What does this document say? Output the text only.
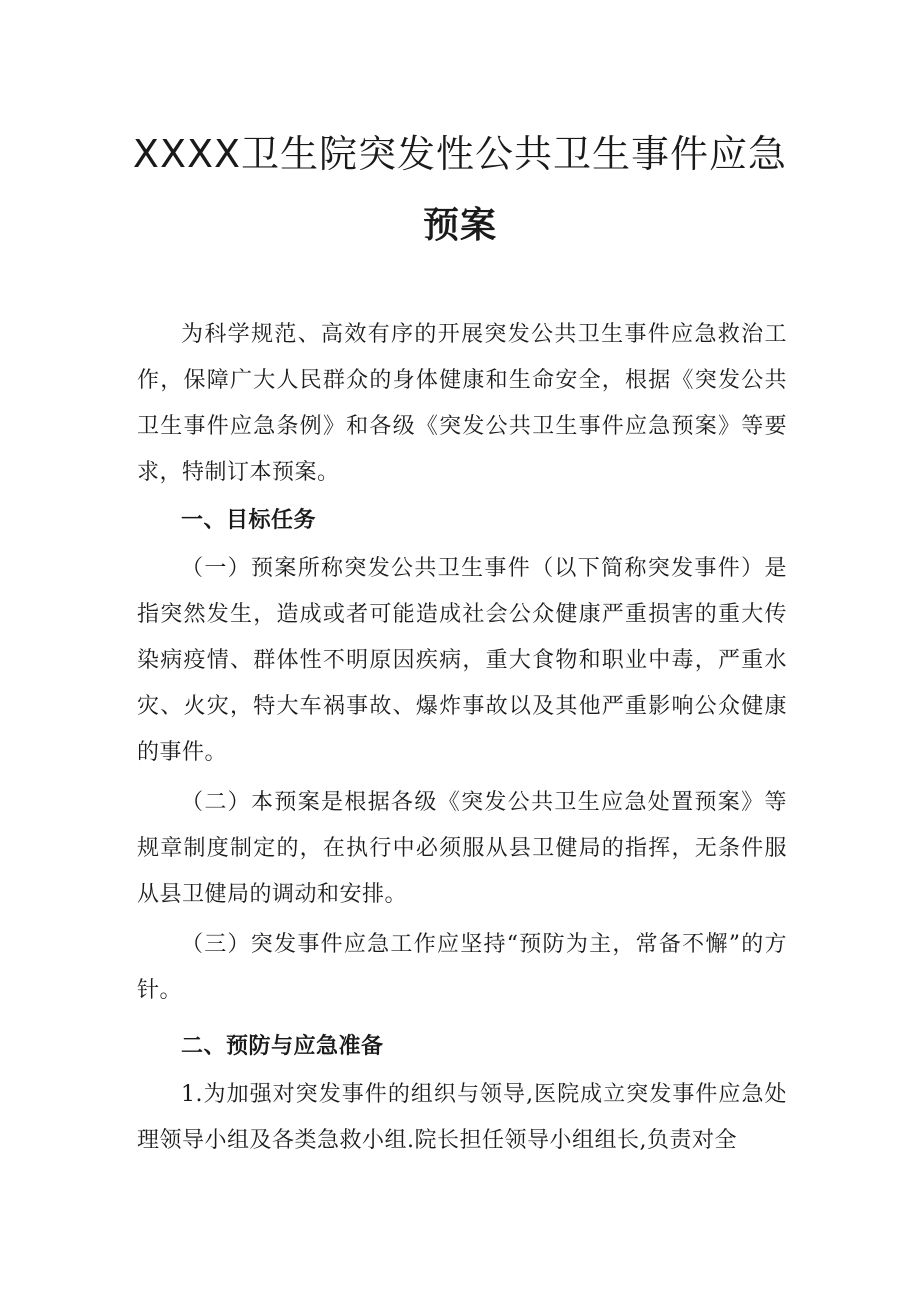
XXXX卫生院突发性公共卫生事件应急
预案

为科学规范、高效有序的开展突发公共卫生事件应急救治工作，保障广大人民群众的身体健康和生命安全，根据《突发公共卫生事件应急条例》和各级《突发公共卫生事件应急预案》等要求，特制订本预案。

一、目标任务

（一）预案所称突发公共卫生事件（以下简称突发事件）是指突然发生，造成或者可能造成社会公众健康严重损害的重大传染病疫情、群体性不明原因疾病，重大食物和职业中毒，严重水灾、火灾，特大车祸事故、爆炸事故以及其他严重影响公众健康的事件。

（二）本预案是根据各级《突发公共卫生应急处置预案》等规章制度制定的，在执行中必须服从县卫健局的指挥，无条件服从县卫健局的调动和安排。

（三）突发事件应急工作应坚持“预防为主，常备不懈”的方针。

二、预防与应急准备

1.为加强对突发事件的组织与领导,医院成立突发事件应急处理领导小组及各类急救小组.院长担任领导小组组长,负责对全
